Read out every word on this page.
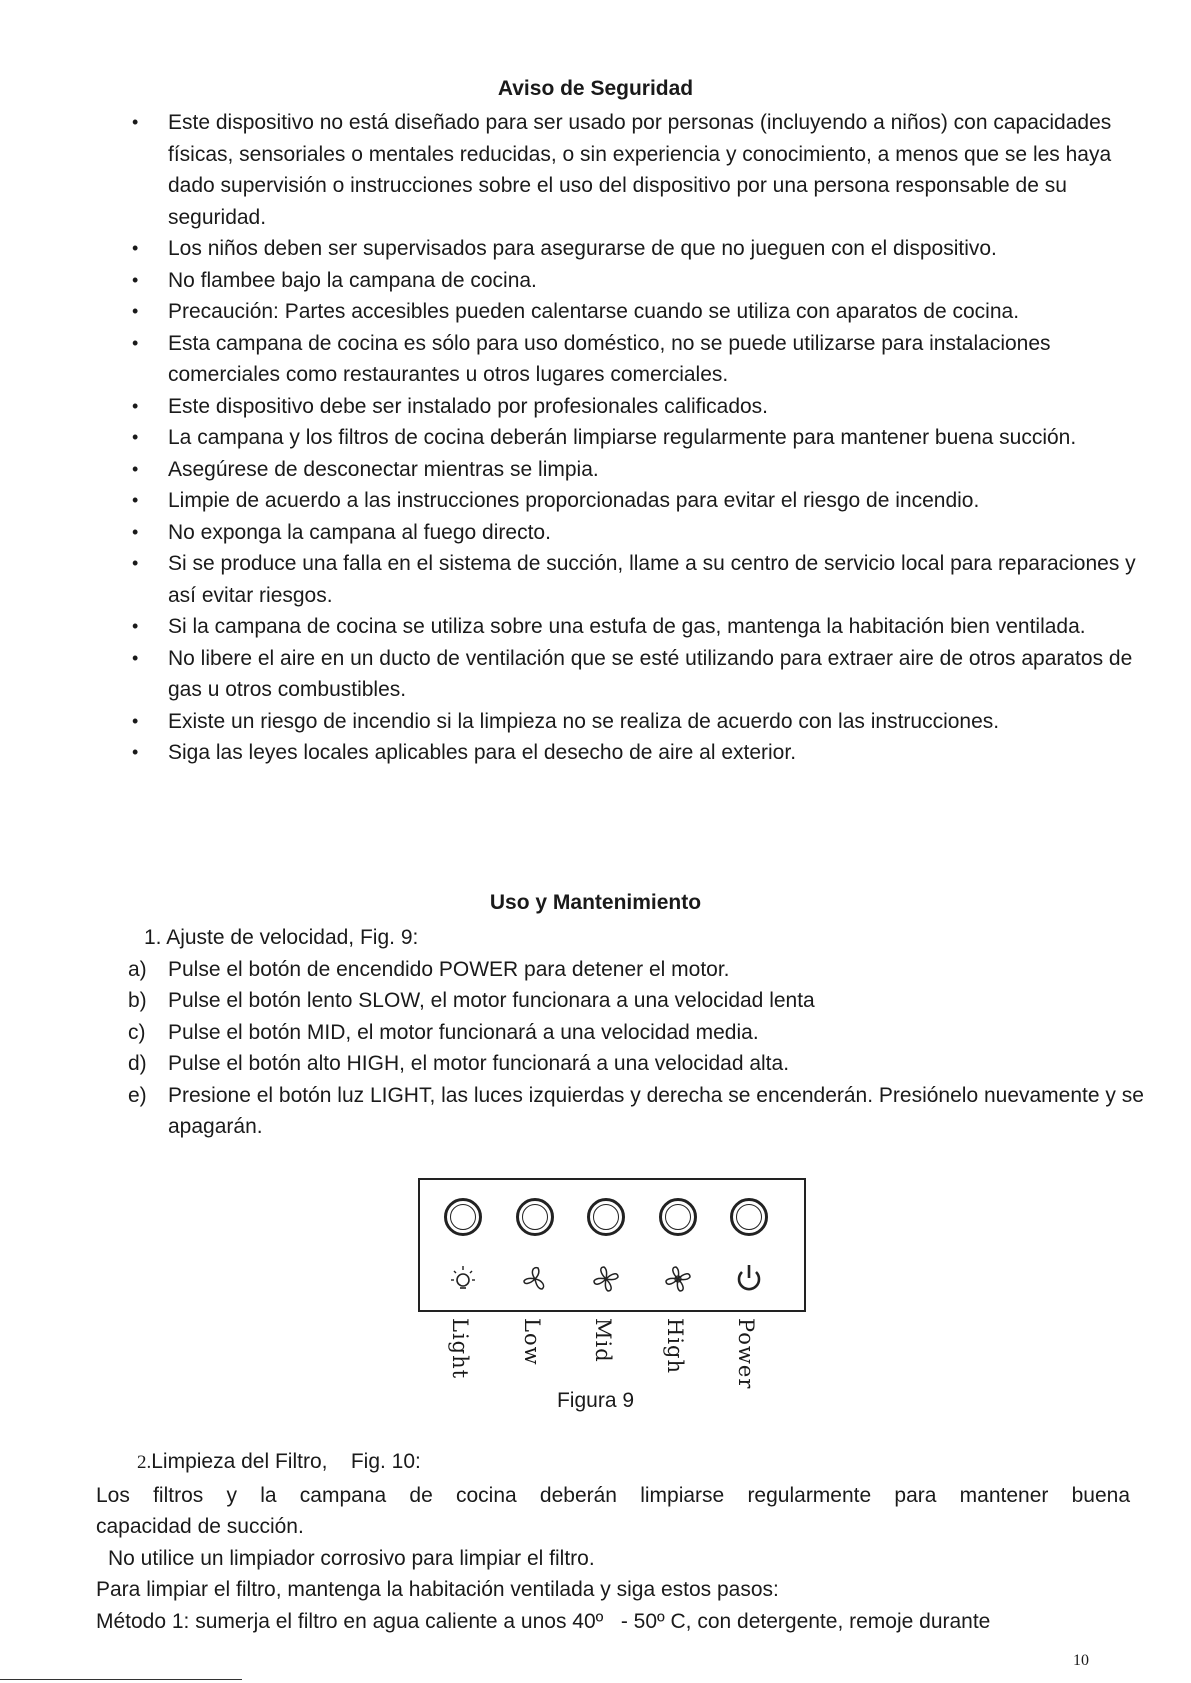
Aviso de Seguridad
• Este dispositivo no está diseñado para ser usado por personas (incluyendo a niños) con capacidades físicas, sensoriales o mentales reducidas, o sin experiencia y conocimiento, a menos que se les haya dado supervisión o instrucciones sobre el uso del dispositivo por una persona responsable de su seguridad.
• Los niños deben ser supervisados para asegurarse de que no jueguen con el dispositivo.
• No flambee bajo la campana de cocina.
• Precaución: Partes accesibles pueden calentarse cuando se utiliza con aparatos de cocina.
• Esta campana de cocina es sólo para uso doméstico, no se puede utilizarse para instalaciones comerciales como restaurantes u otros lugares comerciales.
• Este dispositivo debe ser instalado por profesionales calificados.
• La campana y los filtros de cocina deberán limpiarse regularmente para mantener buena succión.
• Asegúrese de desconectar mientras se limpia.
• Limpie de acuerdo a las instrucciones proporcionadas para evitar el riesgo de incendio.
• No exponga la campana al fuego directo.
• Si se produce una falla en el sistema de succión, llame a su centro de servicio local para reparaciones y así evitar riesgos.
• Si la campana de cocina se utiliza sobre una estufa de gas, mantenga la habitación bien ventilada.
• No libere el aire en un ducto de ventilación que se esté utilizando para extraer aire de otros aparatos de gas u otros combustibles.
• Existe un riesgo de incendio si la limpieza no se realiza de acuerdo con las instrucciones.
• Siga las leyes locales aplicables para el desecho de aire al exterior.
Uso y Mantenimiento
1. Ajuste de velocidad, Fig. 9:
a) Pulse el botón de encendido POWER para detener el motor.
b) Pulse el botón lento SLOW, el motor funcionara a una velocidad lenta
c) Pulse el botón MID, el motor funcionará a una velocidad media.
d) Pulse el botón alto HIGH, el motor funcionará a una velocidad alta.
e) Presione el botón luz LIGHT, las luces izquierdas y derecha se encenderán. Presiónelo nuevamente y se apagarán.
Light Low Mid High Power
Figura 9
2.Limpieza del Filtro,    Fig. 10:
Los filtros y la campana de cocina deberán limpiarse regularmente para mantener buena
capacidad de succión.
No utilice un limpiador corrosivo para limpiar el filtro.
Para limpiar el filtro, mantenga la habitación ventilada y siga estos pasos:
Método 1: sumerja el filtro en agua caliente a unos 40º   - 50º C, con detergente, remoje durante
10
